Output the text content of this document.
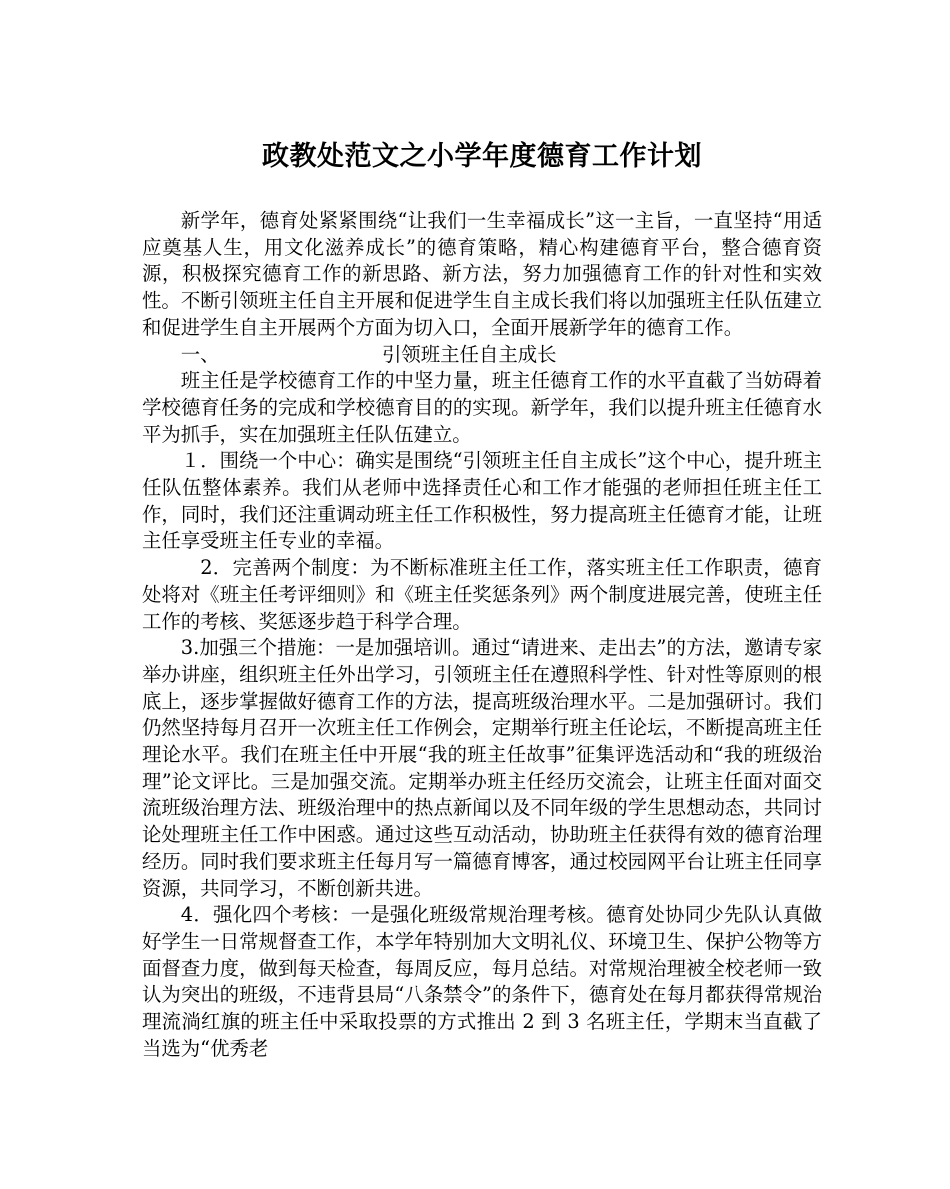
政教处范文之小学年度德育工作计划

新学年，德育处紧紧围绕“让我们一生幸福成长”这一主旨，一直坚持“用适应奠基人生，用文化滋养成长”的德育策略，精心构建德育平台，整合德育资源，积极探究德育工作的新思路、新方法，努力加强德育工作的针对性和实效性。不断引领班主任自主开展和促进学生自主成长我们将以加强班主任队伍建立和促进学生自主开展两个方面为切入口，全面开展新学年的德育工作。

一、	引领班主任自主成长

班主任是学校德育工作的中坚力量，班主任德育工作的水平直截了当妨碍着学校德育任务的完成和学校德育目的的实现。新学年，我们以提升班主任德育水平为抓手，实在加强班主任队伍建立。

１．围绕一个中心：确实是围绕“引领班主任自主成长”这个中心，提升班主任队伍整体素养。我们从老师中选择责任心和工作才能强的老师担任班主任工作，同时，我们还注重调动班主任工作积极性，努力提高班主任德育才能，让班主任享受班主任专业的幸福。

2．完善两个制度：为不断标准班主任工作，落实班主任工作职责，德育处将对《班主任考评细则》和《班主任奖惩条列》两个制度进展完善，使班主任工作的考核、奖惩逐步趋于科学合理。

3.加强三个措施：一是加强培训。通过“请进来、走出去”的方法，邀请专家举办讲座，组织班主任外出学习，引领班主任在遵照科学性、针对性等原则的根底上，逐步掌握做好德育工作的方法，提高班级治理水平。二是加强研讨。我们仍然坚持每月召开一次班主任工作例会，定期举行班主任论坛，不断提高班主任理论水平。我们在班主任中开展“我的班主任故事”征集评选活动和“我的班级治理”论文评比。三是加强交流。定期举办班主任经历交流会，让班主任面对面交流班级治理方法、班级治理中的热点新闻以及不同年级的学生思想动态，共同讨论处理班主任工作中困惑。通过这些互动活动，协助班主任获得有效的德育治理经历。同时我们要求班主任每月写一篇德育博客，通过校园网平台让班主任同享资源，共同学习，不断创新共进。

4．强化四个考核：一是强化班级常规治理考核。德育处协同少先队认真做好学生一日常规督查工作，本学年特别加大文明礼仪、环境卫生、保护公物等方面督查力度，做到每天检查，每周反应，每月总结。对常规治理被全校老师一致认为突出的班级，不违背县局“八条禁令”的条件下，德育处在每月都获得常规治理流淌红旗的班主任中采取投票的方式推出 2 到 3 名班主任，学期末当直截了当选为“优秀老
